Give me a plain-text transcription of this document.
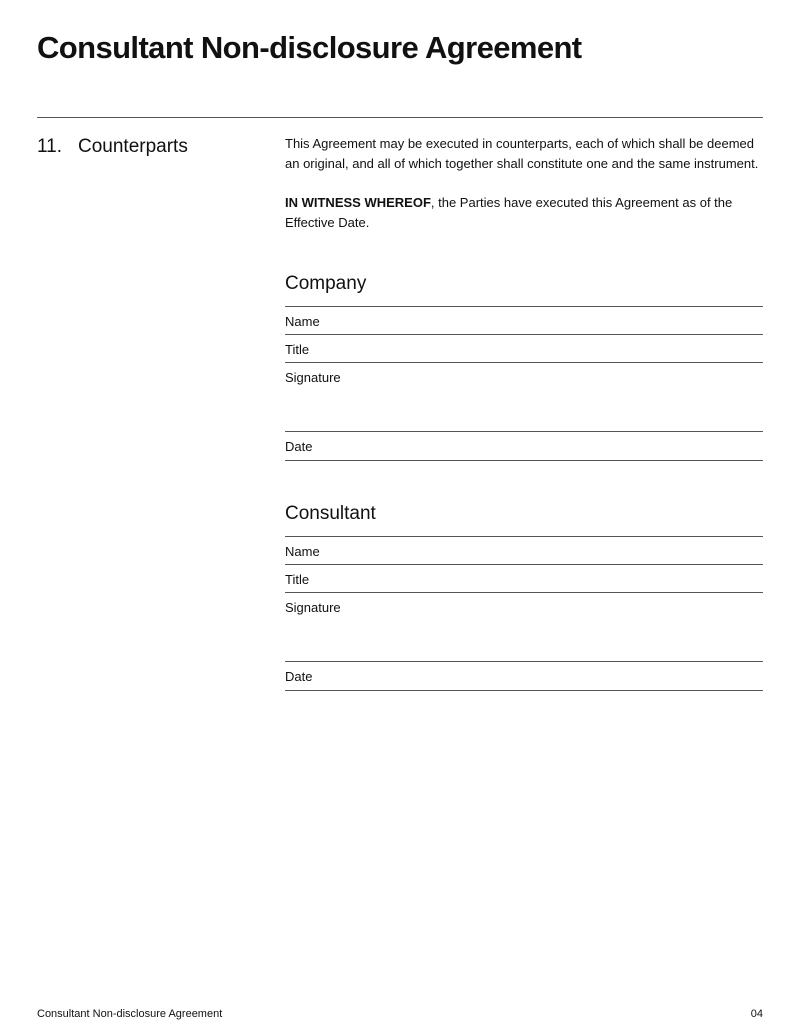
Consultant Non-disclosure Agreement
11. Counterparts	This Agreement may be executed in counterparts, each of which shall be deemed an original, and all of which together shall constitute one and the same instrument.

IN WITNESS WHEREOF, the Parties have executed this Agreement as of the Effective Date.

Company
Name
Title
Signature
Date
Consultant
Name
Title
Signature
Date
Consultant Non-disclosure Agreement	04
